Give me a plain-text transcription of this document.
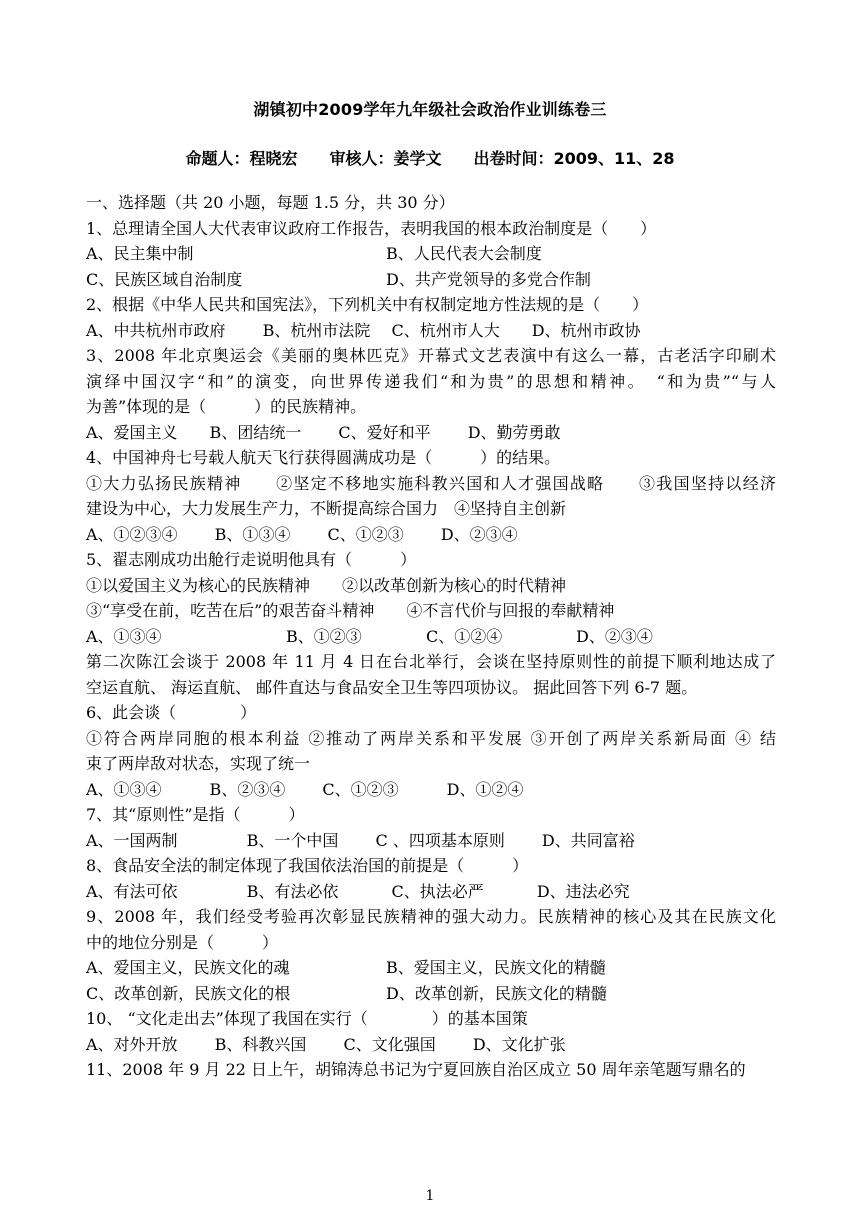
湖镇初中2009学年九年级社会政治作业训练卷三
命题人：程晓宏　　审核人：姜学文　　出卷时间：2009、11、28
一、选择题（共 20 小题，每题 1.5 分，共 30 分）
1、总理请全国人大代表审议政府工作报告，表明我国的根本政治制度是（　　）
A、民主集中制	B、人民代表大会制度
C、民族区域自治制度	D、共产党领导的多党合作制
2、根据《中华人民共和国宪法》，下列机关中有权制定地方性法规的是（　　）
A、中共杭州市政府　　 B、杭州市法院　 C、杭州市人大　　D、杭州市政协
3、2008 年北京奥运会《美丽的奥林匹克》开幕式文艺表演中有这么一幕，古老活字印刷术
演绎中国汉字“和”的演变，向世界传递我们“和为贵”的思想和精神。　“和为贵”“与人
为善”体现的是（　　　）的民族精神。
A、爱国主义　　B、团结统一　　 C、爱好和平　　 D、勤劳勇敢
4、中国神舟七号载人航天飞行获得圆满成功是（　　　）的结果。
①大力弘扬民族精神　　②坚定不移地实施科教兴国和人才强国战略　　③我国坚持以经济
建设为中心，大力发展生产力，不断提高综合国力　④坚持自主创新
A、①②③④　　 B、①③④　　 C、①②③　　 D、②③④
5、翟志刚成功出舱行走说明他具有（　　　）
①以爱国主义为核心的民族精神　　②以改革创新为核心的时代精神
③“享受在前，吃苦在后”的艰苦奋斗精神　　④不言代价与回报的奉献精神
A、①③④	B、①②③	C、①②④	D、②③④
第二次陈江会谈于 2008 年 11 月 4 日在台北举行，会谈在坚持原则性的前提下顺利地达成了
空运直航、 海运直航、 邮件直达与食品安全卫生等四项协议。 据此回答下列 6-7 题。
6、此会谈（　　　　）
①符合两岸同胞的根本利益 ②推动了两岸关系和平发展 ③开创了两岸关系新局面 ④ 结
束了两岸敌对状态，实现了统一
A、①③④　　　B、②③④　　 C、①②③　　　D、①②④
7、其“原则性”是指（　　　）
A、一国两制　　　　 B、一个中国　　 C 、四项基本原则　　 D、共同富裕
8、食品安全法的制定体现了我国依法治国的前提是（　　　）
A、有法可依　　　　 B、有法必依　　　 C、执法必严　　　 D、违法必究
9、2008 年，我们经受考验再次彰显民族精神的强大动力。民族精神的核心及其在民族文化
中的地位分别是（　　　）
A、爱国主义，民族文化的魂	B、爱国主义，民族文化的精髓
C、改革创新，民族文化的根	D、改革创新，民族文化的精髓
10、 “文化走出去”体现了我国在实行（　　　　）的基本国策
A、对外开放　　 B、科教兴国　　 C、文化强国　　 D、文化扩张
11、2008 年 9 月 22 日上午，胡锦涛总书记为宁夏回族自治区成立 50 周年亲笔题写鼎名的
1
